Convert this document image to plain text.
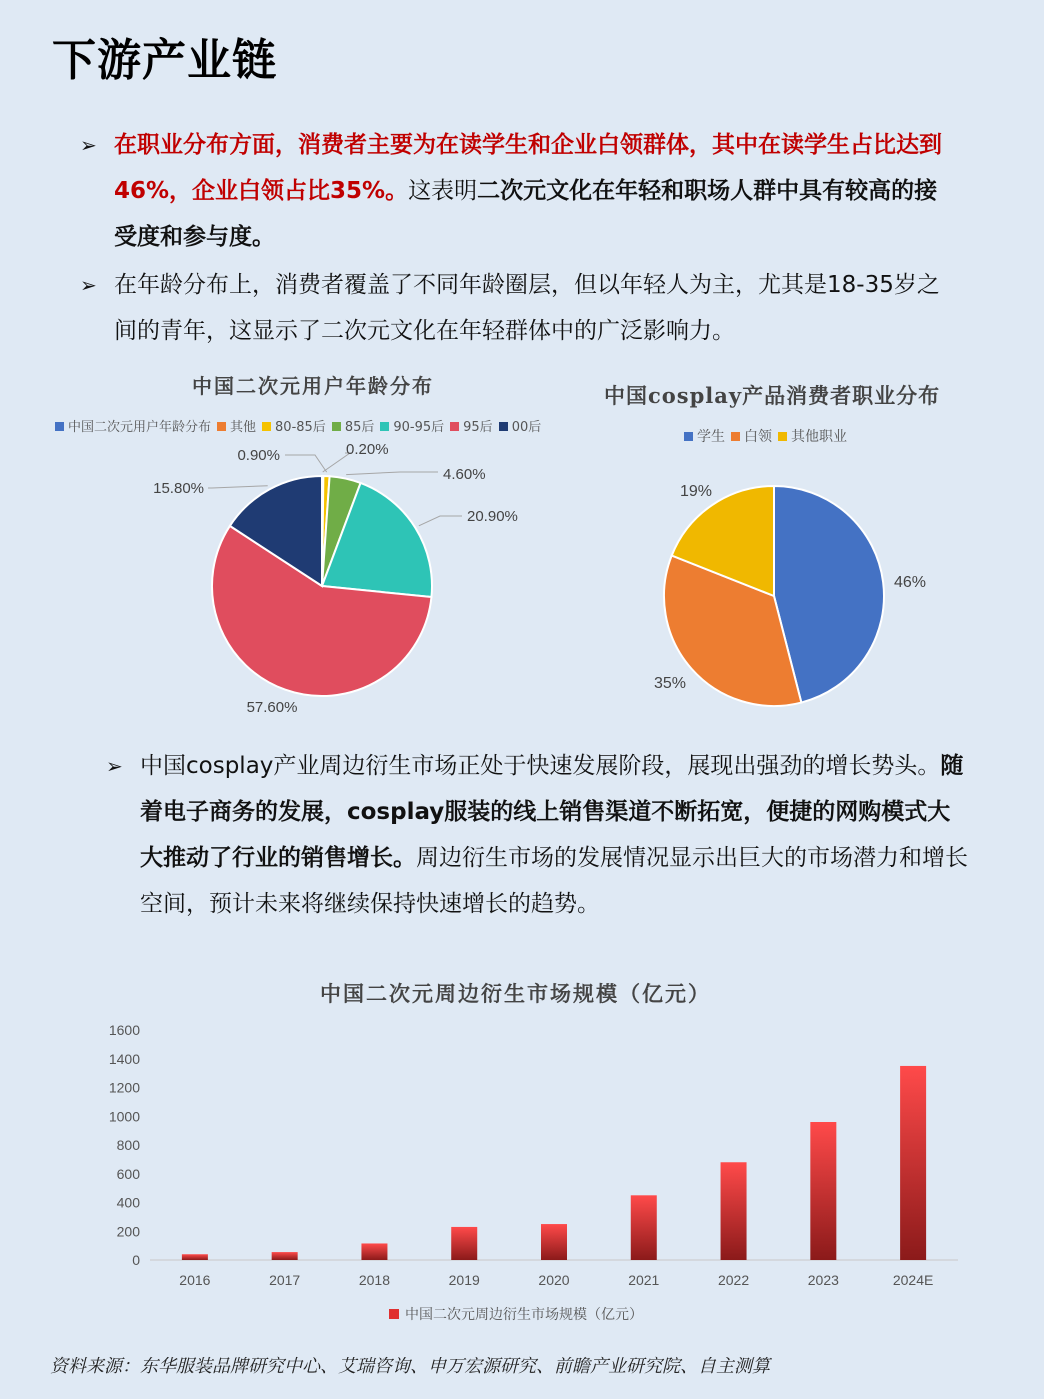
下游产业链
➢ 在职业分布方面，消费者主要为在读学生和企业白领群体，其中在读学生占比达到46%，企业白领占比35%。这表明二次元文化在年轻和职场人群中具有较高的接受度和参与度。
➢ 在年龄分布上，消费者覆盖了不同年龄圈层，但以年轻人为主，尤其是18-35岁之间的青年，这显示了二次元文化在年轻群体中的广泛影响力。
中国二次元用户年龄分布
中国二次元用户年龄分布 其他 80-85后 85后 90-95后 95后 00后
0.20%
0.90%
4.60%
20.90%
57.60%
15.80%
中国cosplay产品消费者职业分布
学生 白领 其他职业
46%
35%
19%
➢ 中国cosplay产业周边衍生市场正处于快速发展阶段，展现出强劲的增长势头。随着电子商务的发展，cosplay服装的线上销售渠道不断拓宽，便捷的网购模式大大推动了行业的销售增长。周边衍生市场的发展情况显示出巨大的市场潜力和增长空间，预计未来将继续保持快速增长的趋势。
中国二次元周边衍生市场规模（亿元）
0
200
400
600
800
1000
1200
1400
1600
2016	2017	2018	2019	2020	2021	2022	2023	2024E
中国二次元周边衍生市场规模（亿元）
资料来源：东华服装品牌研究中心、艾瑞咨询、申万宏源研究、前瞻产业研究院、自主测算
